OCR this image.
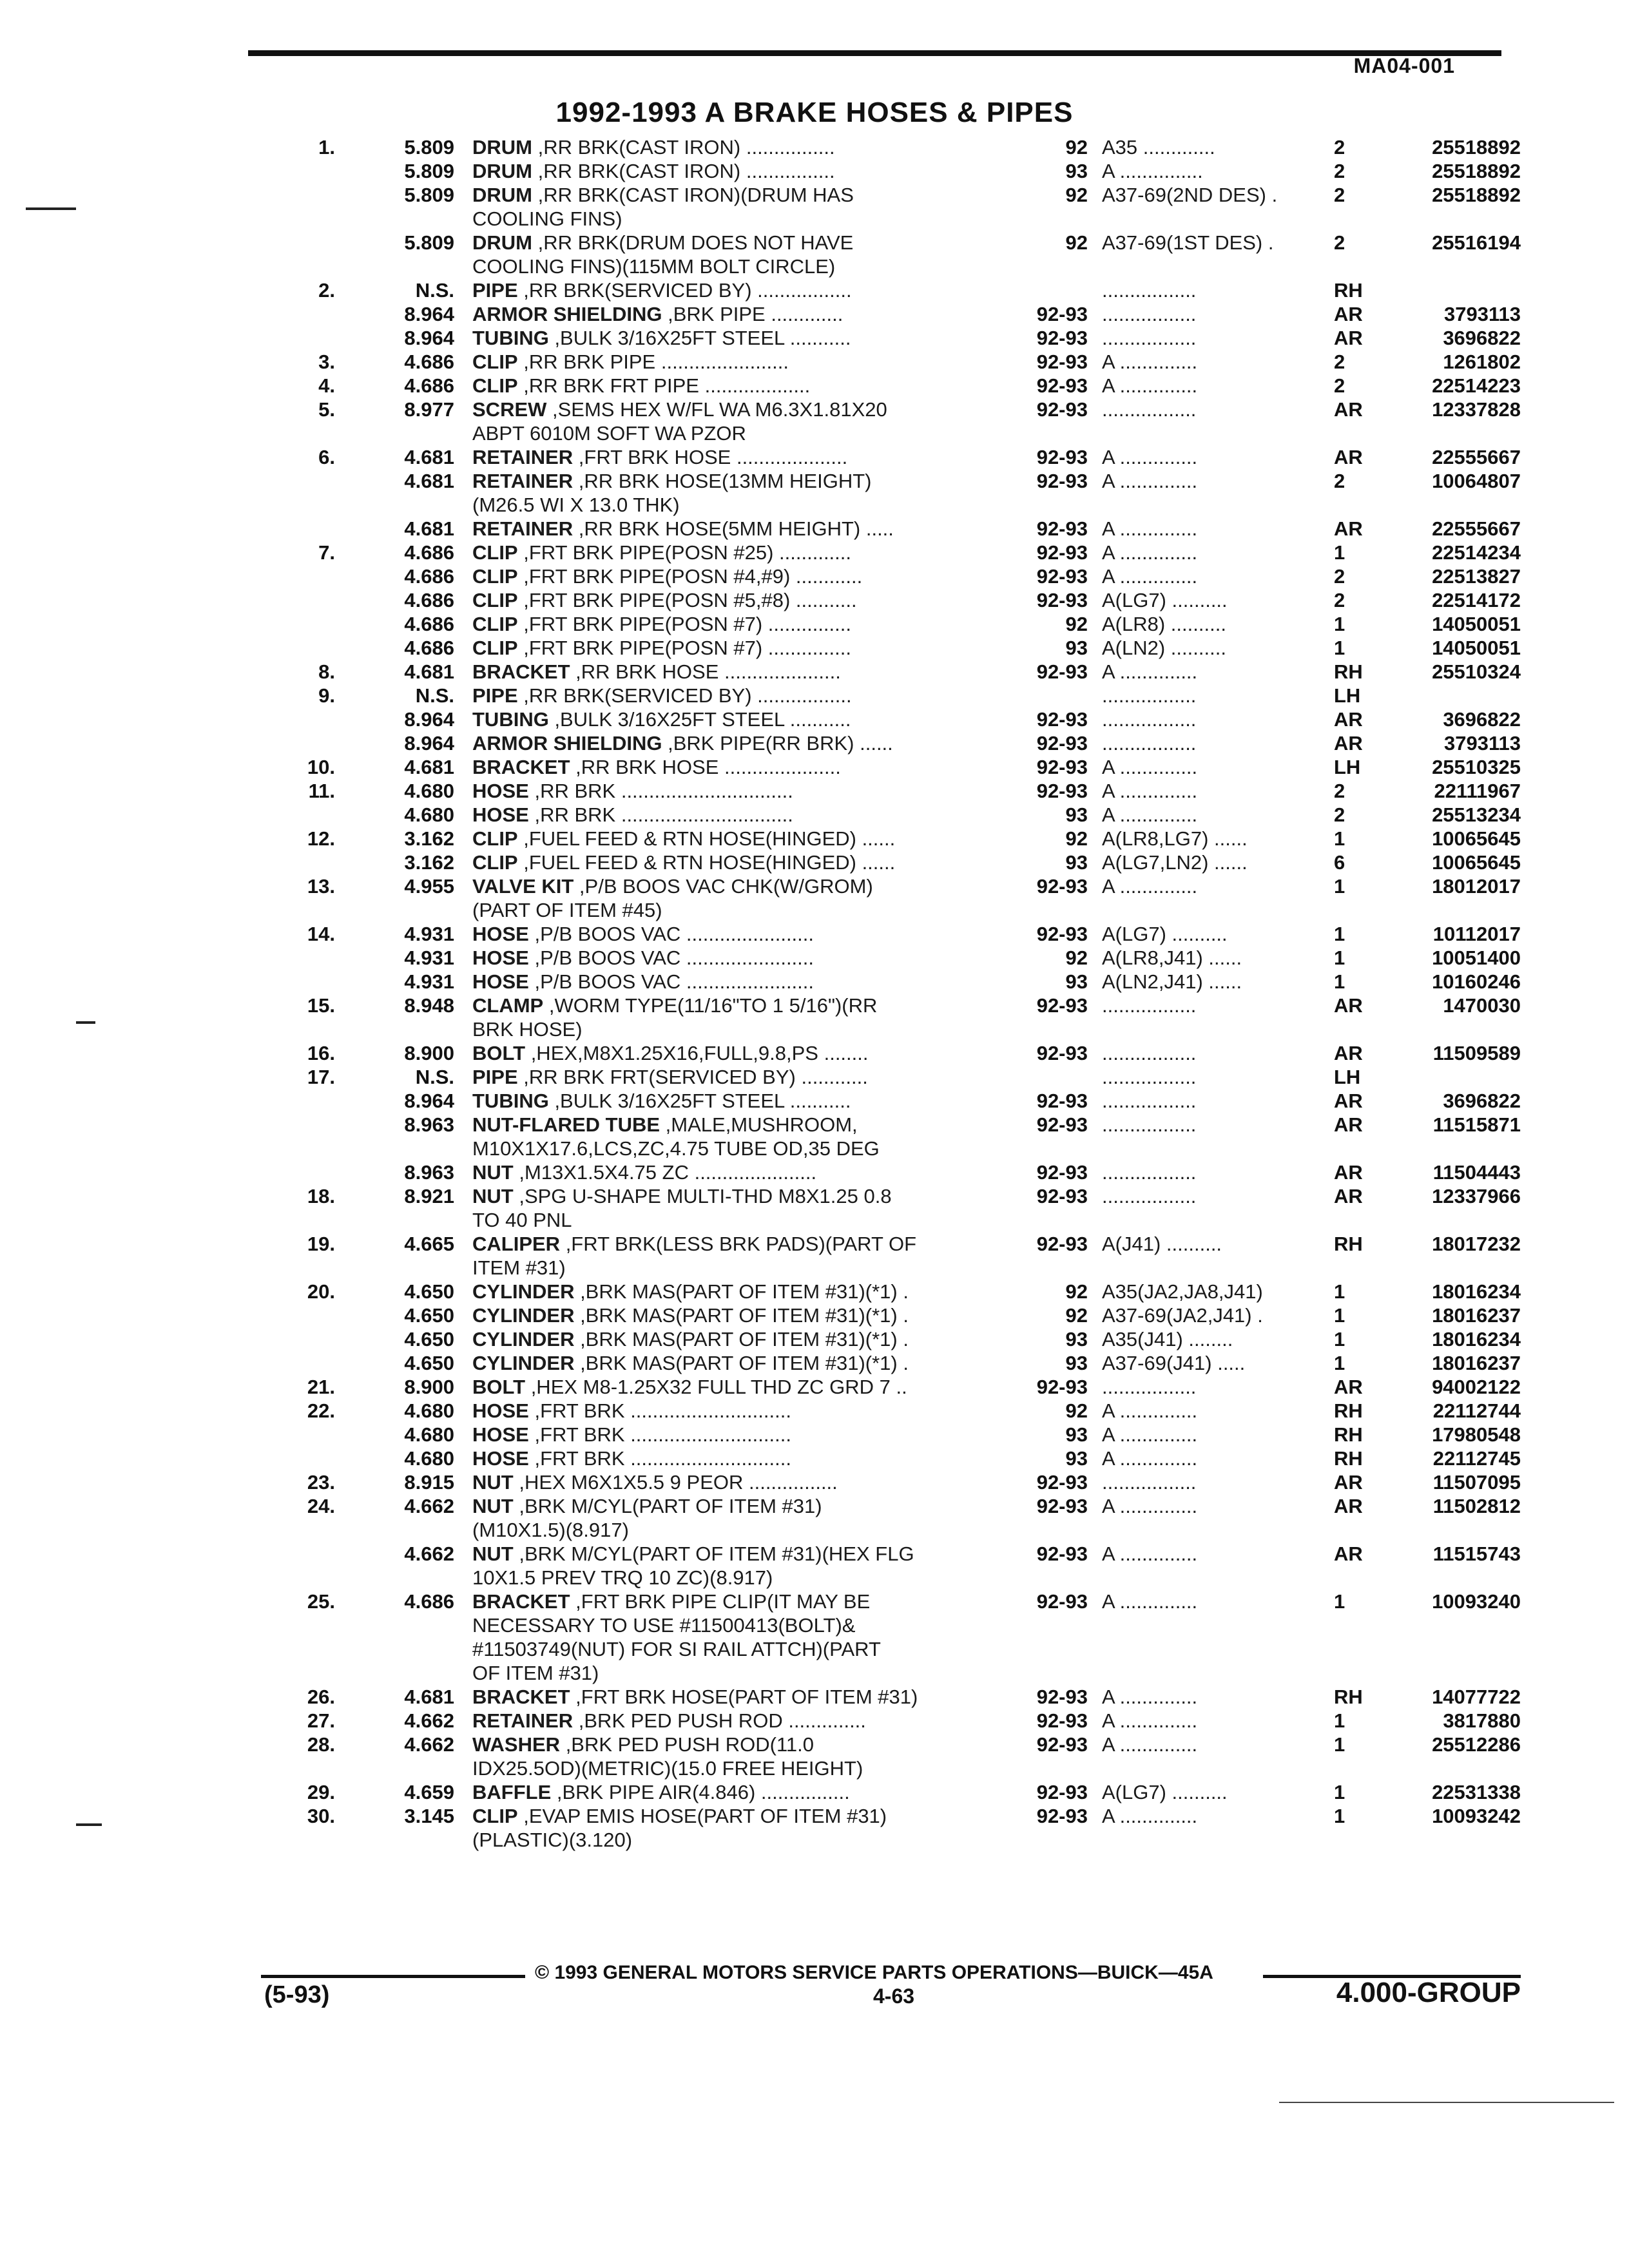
MA04-001
1992-1993 A BRAKE HOSES & PIPES
1.	5.809 DRUM ,RR BRK(CAST IRON) ................	92 A35 .............	2	25518892
5.809 DRUM ,RR BRK(CAST IRON) ................	93 A ...............	2	25518892
5.809 DRUM ,RR BRK(CAST IRON)(DRUM HAS	92 A37-69(2ND DES) .	2	25518892
COOLING FINS)
5.809 DRUM ,RR BRK(DRUM DOES NOT HAVE	92 A37-69(1ST DES) .	2	25516194
COOLING FINS)(115MM BOLT CIRCLE)
2.	N.S. PIPE ,RR BRK(SERVICED BY) .................	.................	RH
8.964 ARMOR SHIELDING ,BRK PIPE .............	92-93 .................	AR	3793113
8.964 TUBING ,BULK 3/16X25FT STEEL ...........	92-93 .................	AR	3696822
3.	4.686 CLIP ,RR BRK PIPE .......................	92-93 A ..............	2	1261802
4.	4.686 CLIP ,RR BRK FRT PIPE ...................	92-93 A ..............	2	22514223
5.	8.977 SCREW ,SEMS HEX W/FL WA M6.3X1.81X20	92-93 .................	AR	12337828
ABPT 6010M SOFT WA PZOR
6.	4.681 RETAINER ,FRT BRK HOSE ....................	92-93 A ..............	AR	22555667
4.681 RETAINER ,RR BRK HOSE(13MM HEIGHT)	92-93 A ..............	2	10064807
(M26.5 WI X 13.0 THK)
4.681 RETAINER ,RR BRK HOSE(5MM HEIGHT) .....	92-93 A ..............	AR	22555667
7.	4.686 CLIP ,FRT BRK PIPE(POSN #25) .............	92-93 A ..............	1	22514234
4.686 CLIP ,FRT BRK PIPE(POSN #4,#9) ............	92-93 A ..............	2	22513827
4.686 CLIP ,FRT BRK PIPE(POSN #5,#8) ...........	92-93 A(LG7) ..........	2	22514172
4.686 CLIP ,FRT BRK PIPE(POSN #7) ...............	92 A(LR8) ..........	1	14050051
4.686 CLIP ,FRT BRK PIPE(POSN #7) ...............	93 A(LN2) ..........	1	14050051
8.	4.681 BRACKET ,RR BRK HOSE .....................	92-93 A ..............	RH	25510324
9.	N.S. PIPE ,RR BRK(SERVICED BY) .................	.................	LH
8.964 TUBING ,BULK 3/16X25FT STEEL ...........	92-93 .................	AR	3696822
8.964 ARMOR SHIELDING ,BRK PIPE(RR BRK) ......	92-93 .................	AR	3793113
10.	4.681 BRACKET ,RR BRK HOSE .....................	92-93 A ..............	LH	25510325
11.	4.680 HOSE ,RR BRK ...............................	92-93 A ..............	2	22111967
4.680 HOSE ,RR BRK ...............................	93 A ..............	2	25513234
12.	3.162 CLIP ,FUEL FEED & RTN HOSE(HINGED) ......	92 A(LR8,LG7) ......	1	10065645
3.162 CLIP ,FUEL FEED & RTN HOSE(HINGED) ......	93 A(LG7,LN2) ......	6	10065645
13.	4.955 VALVE KIT ,P/B BOOS VAC CHK(W/GROM)	92-93 A ..............	1	18012017
(PART OF ITEM #45)
14.	4.931 HOSE ,P/B BOOS VAC .......................	92-93 A(LG7) ..........	1	10112017
4.931 HOSE ,P/B BOOS VAC .......................	92 A(LR8,J41) ......	1	10051400
4.931 HOSE ,P/B BOOS VAC .......................	93 A(LN2,J41) ......	1	10160246
15.	8.948 CLAMP ,WORM TYPE(11/16"TO 1 5/16")(RR	92-93 .................	AR	1470030
BRK HOSE)
16.	8.900 BOLT ,HEX,M8X1.25X16,FULL,9.8,PS ........	92-93 .................	AR	11509589
17.	N.S. PIPE ,RR BRK FRT(SERVICED BY) ............	.................	LH
8.964 TUBING ,BULK 3/16X25FT STEEL ...........	92-93 .................	AR	3696822
8.963 NUT-FLARED TUBE ,MALE,MUSHROOM,	92-93 .................	AR	11515871
M10X1X17.6,LCS,ZC,4.75 TUBE OD,35 DEG
8.963 NUT ,M13X1.5X4.75 ZC ......................	92-93 .................	AR	11504443
18.	8.921 NUT ,SPG U-SHAPE MULTI-THD M8X1.25 0.8	92-93 .................	AR	12337966
TO 40 PNL
19.	4.665 CALIPER ,FRT BRK(LESS BRK PADS)(PART OF	92-93 A(J41) ..........	RH	18017232
ITEM #31)
20.	4.650 CYLINDER ,BRK MAS(PART OF ITEM #31)(*1) .	92 A35(JA2,JA8,J41)	1	18016234
4.650 CYLINDER ,BRK MAS(PART OF ITEM #31)(*1) .	92 A37-69(JA2,J41) .	1	18016237
4.650 CYLINDER ,BRK MAS(PART OF ITEM #31)(*1) .	93 A35(J41) ........	1	18016234
4.650 CYLINDER ,BRK MAS(PART OF ITEM #31)(*1) .	93 A37-69(J41) .....	1	18016237
21.	8.900 BOLT ,HEX M8-1.25X32 FULL THD ZC GRD 7 ..	92-93 .................	AR	94002122
22.	4.680 HOSE ,FRT BRK .............................	92 A ..............	RH	22112744
4.680 HOSE ,FRT BRK .............................	93 A ..............	RH	17980548
4.680 HOSE ,FRT BRK .............................	93 A ..............	RH	22112745
23.	8.915 NUT ,HEX M6X1X5.5 9 PEOR ................	92-93 .................	AR	11507095
24.	4.662 NUT ,BRK M/CYL(PART OF ITEM #31)	92-93 A ..............	AR	11502812
(M10X1.5)(8.917)
4.662 NUT ,BRK M/CYL(PART OF ITEM #31)(HEX FLG	92-93 A ..............	AR	11515743
10X1.5 PREV TRQ 10 ZC)(8.917)
25.	4.686 BRACKET ,FRT BRK PIPE CLIP(IT MAY BE	92-93 A ..............	1	10093240
NECESSARY TO USE #11500413(BOLT)&
#11503749(NUT) FOR SI RAIL ATTCH)(PART
OF ITEM #31)
26.	4.681 BRACKET ,FRT BRK HOSE(PART OF ITEM #31)	92-93 A ..............	RH	14077722
27.	4.662 RETAINER ,BRK PED PUSH ROD ..............	92-93 A ..............	1	3817880
28.	4.662 WASHER ,BRK PED PUSH ROD(11.0	92-93 A ..............	1	25512286
IDX25.5OD)(METRIC)(15.0 FREE HEIGHT)
29.	4.659 BAFFLE ,BRK PIPE AIR(4.846) ................	92-93 A(LG7) ..........	1	22531338
30.	3.145 CLIP ,EVAP EMIS HOSE(PART OF ITEM #31)	92-93 A ..............	1	10093242
(PLASTIC)(3.120)
© 1993 GENERAL MOTORS SERVICE PARTS OPERATIONS—BUICK—45A
(5-93)	4-63	4.000-GROUP
